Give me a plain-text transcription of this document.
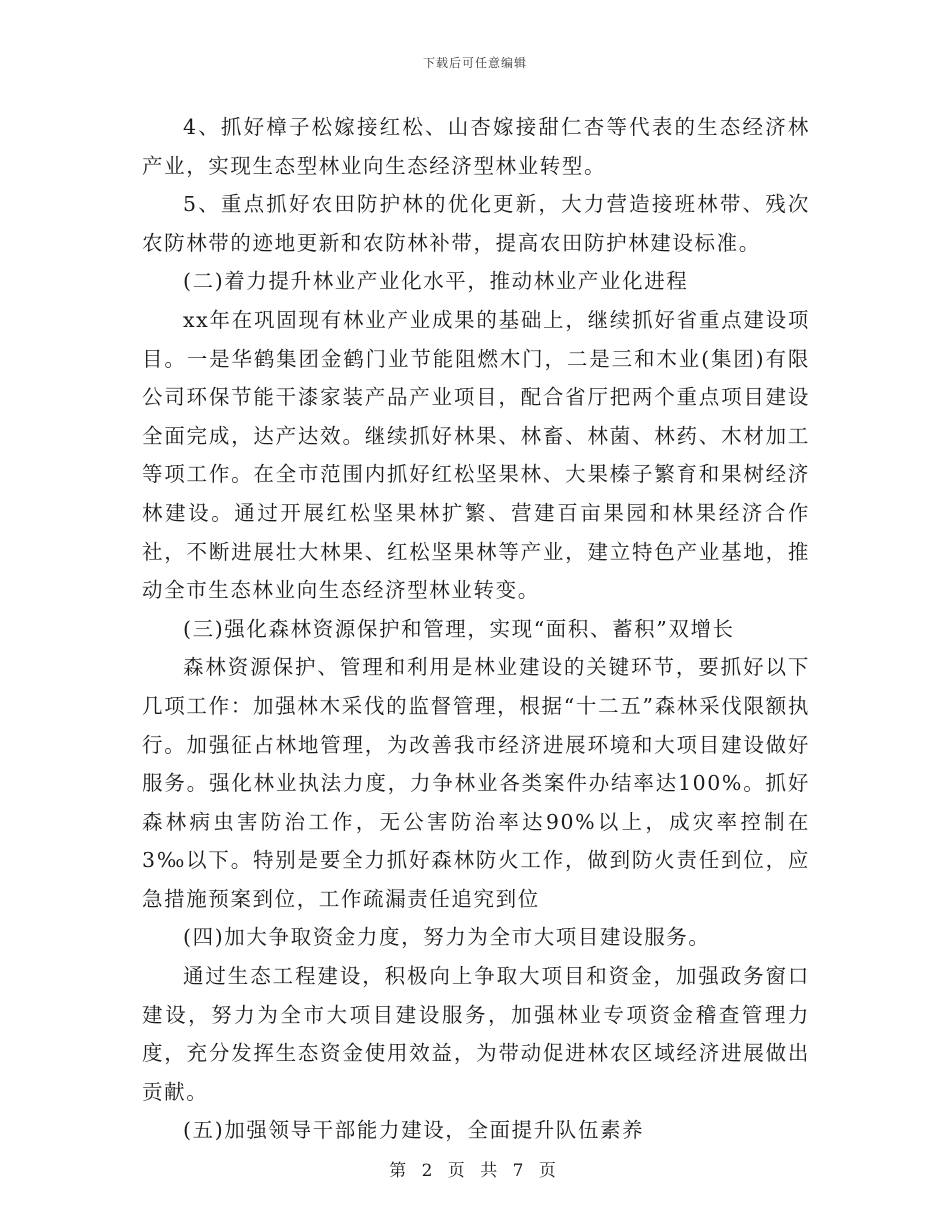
下载后可任意编辑

4、抓好樟子松嫁接红松、山杏嫁接甜仁杏等代表的生态经济林产业，实现生态型林业向生态经济型林业转型。

5、重点抓好农田防护林的优化更新，大力营造接班林带、残次农防林带的迹地更新和农防林补带，提高农田防护林建设标准。

(二)着力提升林业产业化水平，推动林业产业化进程

xx年在巩固现有林业产业成果的基础上，继续抓好省重点建设项目。一是华鹤集团金鹤门业节能阻燃木门，二是三和木业(集团)有限公司环保节能干漆家装产品产业项目，配合省厅把两个重点项目建设全面完成，达产达效。继续抓好林果、林畜、林菌、林药、木材加工等项工作。在全市范围内抓好红松坚果林、大果榛子繁育和果树经济林建设。通过开展红松坚果林扩繁、营建百亩果园和林果经济合作社，不断进展壮大林果、红松坚果林等产业，建立特色产业基地，推动全市生态林业向生态经济型林业转变。

(三)强化森林资源保护和管理，实现“面积、蓄积”双增长

森林资源保护、管理和利用是林业建设的关键环节，要抓好以下几项工作：加强林木采伐的监督管理，根据“十二五”森林采伐限额执行。加强征占林地管理，为改善我市经济进展环境和大项目建设做好服务。强化林业执法力度，力争林业各类案件办结率达100%。抓好森林病虫害防治工作，无公害防治率达90%以上，成灾率控制在3‰以下。特别是要全力抓好森林防火工作，做到防火责任到位，应急措施预案到位，工作疏漏责任追究到位

(四)加大争取资金力度，努力为全市大项目建设服务。

通过生态工程建设，积极向上争取大项目和资金，加强政务窗口建设，努力为全市大项目建设服务，加强林业专项资金稽查管理力度，充分发挥生态资金使用效益，为带动促进林农区域经济进展做出贡献。

(五)加强领导干部能力建设，全面提升队伍素养

第 2 页 共 7 页
